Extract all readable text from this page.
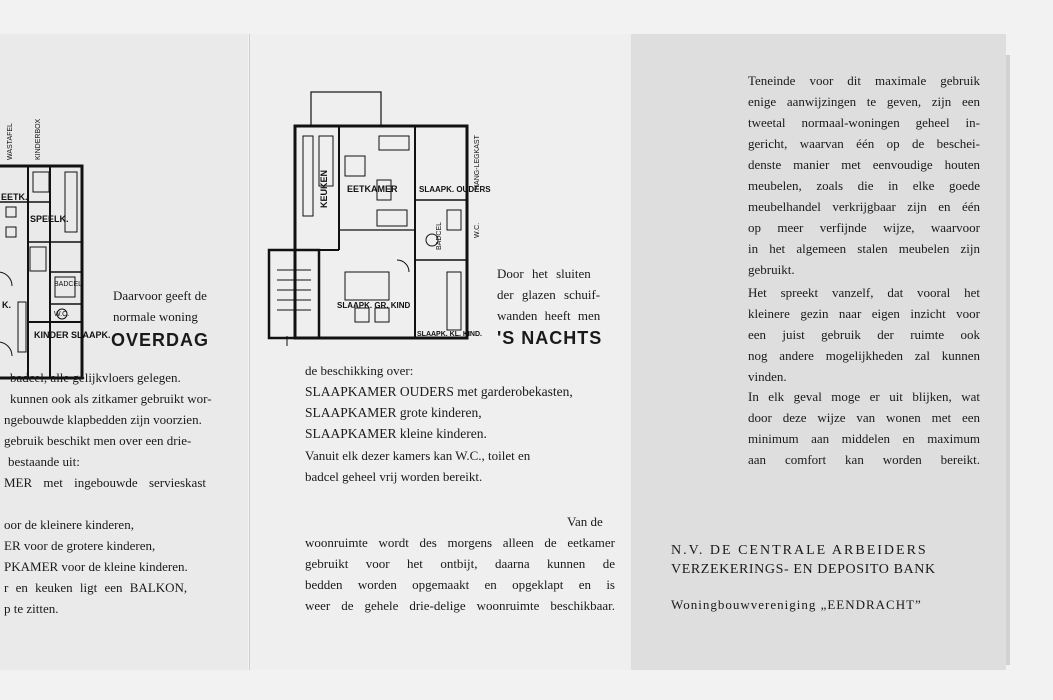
WASTAFEL	KINDERBOX
EETK.
SPEELK.
BADCEL
W.C.
K.
KINDER SLAAPK.
Daarvoor geeft de
normale woning
OVERDAG
badcel, alle gelijkvloers gelegen.
kunnen ook als zitkamer gebruikt wor-
ngebouwde klapbedden zijn voorzien.
gebruik beschikt men over een drie-
bestaande uit:
MER met ingebouwde servieskast
oor de kleinere kinderen,
ER voor de grotere kinderen,
PKAMER voor de kleine kinderen.
r en keuken ligt een BALKON,
p te zitten.
KEUKEN EETKAMER	SLAAPK. OUDERS
SLAAPK. GR. KIND
SLAAPK. KL. KIND.
HANG-LEGKAST
W.C.
BADCEL
Door het sluiten
der glazen schuif-
wanden heeft men
'S NACHTS
de beschikking over:
SLAAPKAMER OUDERS met garderobekasten,
SLAAPKAMER grote kinderen,
SLAAPKAMER kleine kinderen.
Vanuit elk dezer kamers kan W.C., toilet en
badcel geheel vrij worden bereikt.
Van de
woonruimte wordt des morgens alleen de eetkamer
gebruikt voor het ontbijt, daarna kunnen de
bedden worden opgemaakt en opgeklapt en is
weer de gehele drie-delige woonruimte beschikbaar.
Teneinde voor dit maximale gebruik
enige aanwijzingen te geven, zijn een
tweetal normaal-woningen geheel in-
gericht, waarvan één op de beschei-
denste manier met eenvoudige houten
meubelen, zoals die in elke goede
meubelhandel verkrijgbaar zijn en één
op meer verfijnde wijze, waarvoor
in het algemeen stalen meubelen zijn
gebruikt.
Het spreekt vanzelf, dat vooral het
kleinere gezin naar eigen inzicht voor
een juist gebruik der ruimte ook
nog andere mogelijkheden zal kunnen
vinden.
In elk geval moge er uit blijken, wat
door deze wijze van wonen met een
minimum aan middelen en maximum
aan comfort kan worden bereikt.
N.V. DE CENTRALE ARBEIDERS
VERZEKERINGS- EN DEPOSITO BANK
Woningbouwvereniging „EENDRACHT”
